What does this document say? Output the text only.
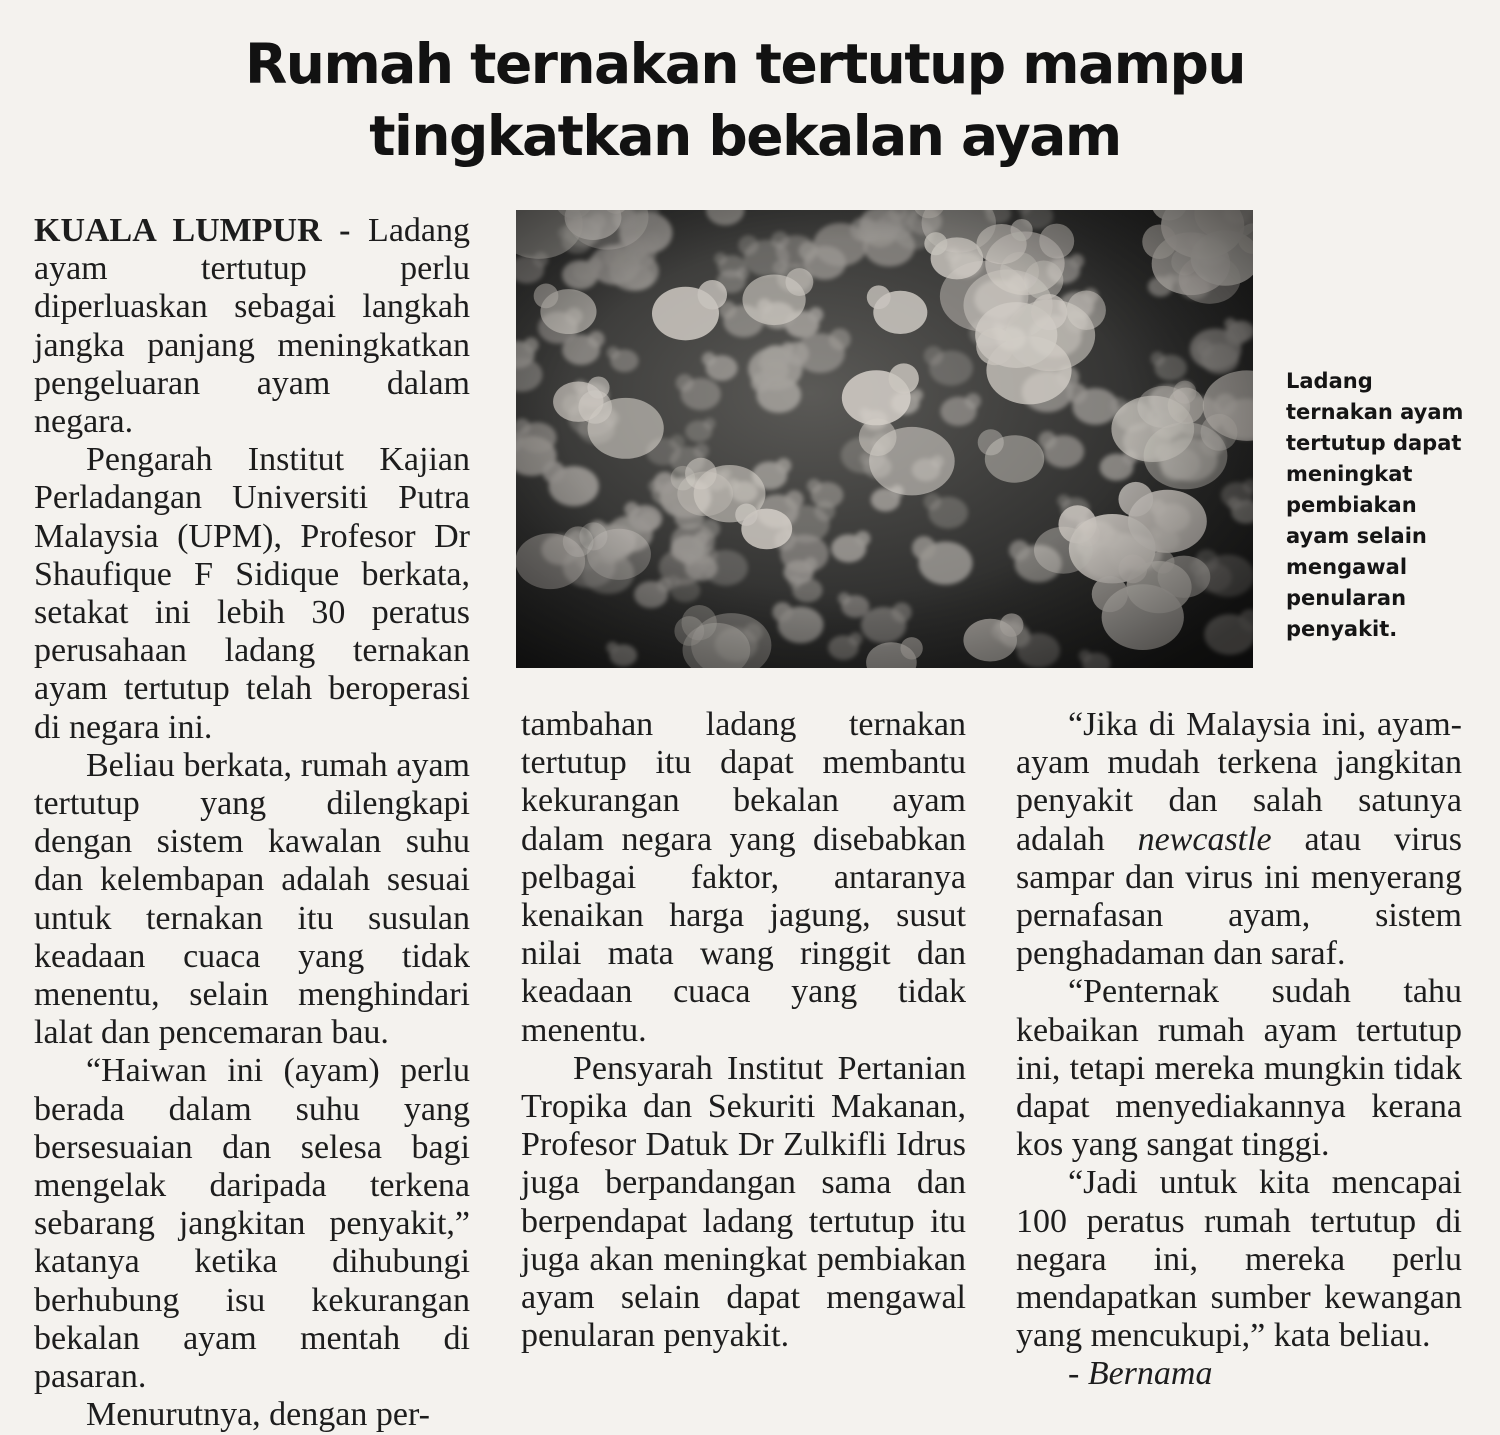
Rumah ternakan tertutup mampu
tingkatkan bekalan ayam

KUALA LUMPUR - Ladang ayam tertutup perlu diperluaskan sebagai langkah jangka panjang meningkatkan pengeluaran ayam dalam negara.

Pengarah Institut Kajian Perladangan Universiti Putra Malaysia (UPM), Profesor Dr Shaufique F Sidique berkata, setakat ini lebih 30 peratus perusahaan ladang ternakan ayam tertutup telah beroperasi di negara ini.

Beliau berkata, rumah ayam tertutup yang dilengkapi dengan sistem kawalan suhu dan kelembapan adalah sesuai untuk ternakan itu susulan keadaan cuaca yang tidak menentu, selain menghindari lalat dan pencemaran bau.

“Haiwan ini (ayam) perlu berada dalam suhu yang bersesuaian dan selesa bagi mengelak daripada terkena sebarang jangkitan penyakit,” katanya ketika dihubungi berhubung isu kekurangan bekalan ayam mentah di pasaran.

Menurutnya, dengan per-

Ladang ternakan ayam tertutup dapat meningkat pembiakan ayam selain mengawal penularan penyakit.

tambahan ladang ternakan tertutup itu dapat membantu kekurangan bekalan ayam dalam negara yang disebabkan pelbagai faktor, antaranya kenaikan harga jagung, susut nilai mata wang ringgit dan keadaan cuaca yang tidak menentu.

Pensyarah Institut Pertanian Tropika dan Sekuriti Makanan, Profesor Datuk Dr Zulkifli Idrus juga berpandangan sama dan berpendapat ladang tertutup itu juga akan meningkat pembiakan ayam selain dapat mengawal penularan penyakit.

“Jika di Malaysia ini, ayam-ayam mudah terkena jangkitan penyakit dan salah satunya adalah newcastle atau virus sampar dan virus ini menyerang pernafasan ayam, sistem penghadaman dan saraf.

“Penternak sudah tahu kebaikan rumah ayam tertutup ini, tetapi mereka mungkin tidak dapat menyediakannya kerana kos yang sangat tinggi.

“Jadi untuk kita mencapai 100 peratus rumah tertutup di negara ini, mereka perlu mendapatkan sumber kewangan yang mencukupi,” kata beliau.

- Bernama
